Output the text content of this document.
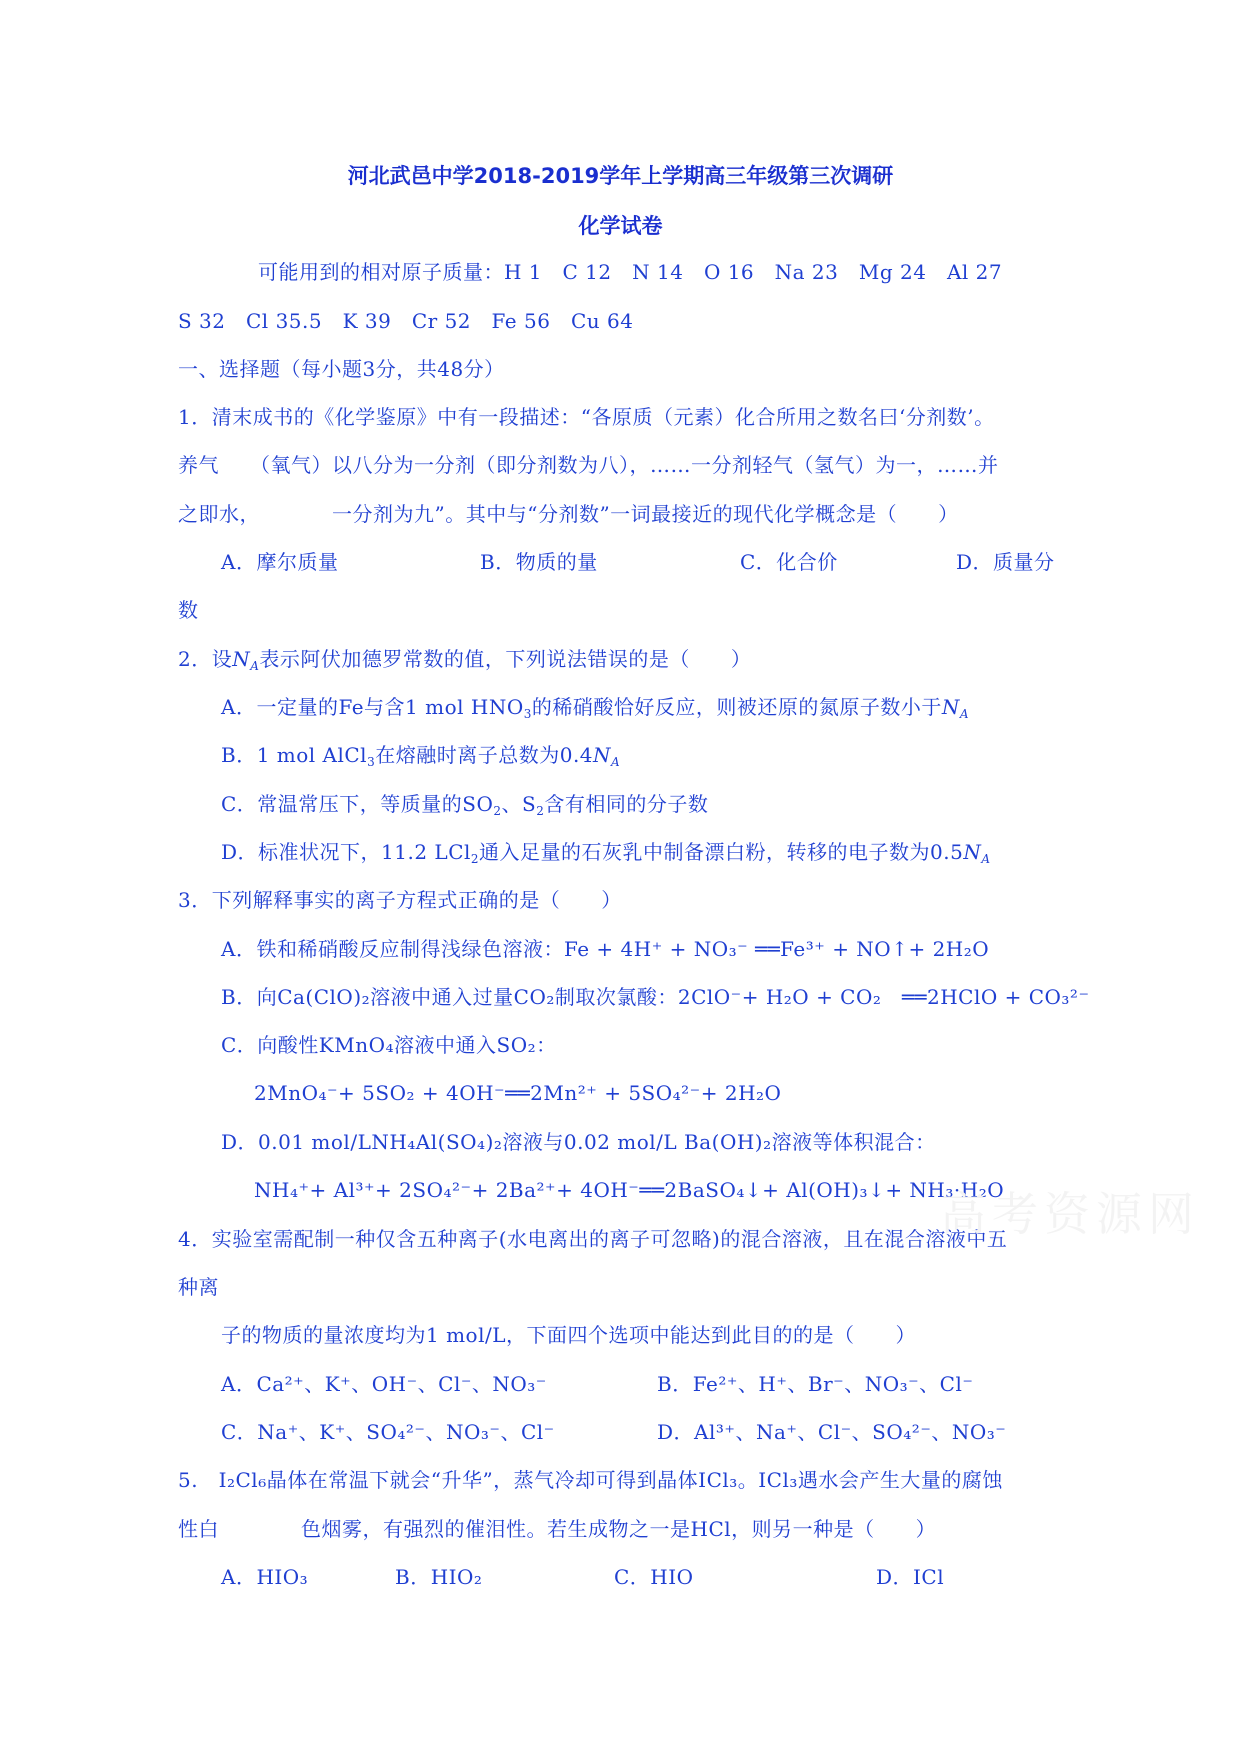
河北武邑中学2018-2019学年上学期高三年级第三次调研
化学试卷
可能用到的相对原子质量：H 1　C 12　N 14　O 16　Na 23　Mg 24　Al 27
S 32　Cl 35.5　K 39　Cr 52　Fe 56　Cu 64
一、选择题（每小题3分，共48分）
1．清末成书的《化学鉴原》中有一段描述：“各原质（元素）化合所用之数名曰‘分剂数’。
养气　　（氧气）以八分为一分剂（即分剂数为八），……一分剂轻气（氢气）为一，……并
之即水，　　　　一分剂为九”。其中与“分剂数”一词最接近的现代化学概念是（　　）
A．摩尔质量	B．物质的量	C．化合价	D．质量分
数
2．设$N_A$表示阿伏加德罗常数的值，下列说法错误的是（　　）
A．一定量的Fe与含1 mol $HNO_3$的稀硝酸恰好反应，则被还原的氮原子数小于$N_A$
B．1 mol AlCl$_3$在熔融时离子总数为$0.4N_A$
C．常温常压下，等质量的$SO_2$、$S_2$含有相同的分子数
D．标准状况下，11.2 LCl$_2$通入足量的石灰乳中制备漂白粉，转移的电子数为$0.5N_A$
3．下列解释事实的离子方程式正确的是（　　）
A．铁和稀硝酸反应制得浅绿色溶液：Fe + 4H⁺ + NO₃⁻ ══Fe³⁺ + NO↑+ 2H₂O
B．向Ca(ClO)₂溶液中通入过量CO₂制取次氯酸：2ClO⁻+ H₂O + CO₂　══2HClO + CO₃²⁻
C．向酸性KMnO₄溶液中通入SO₂：
2MnO₄⁻+ 5SO₂ + 4OH⁻══2Mn²⁺ + 5SO₄²⁻+ 2H₂O
D．0.01 mol/LNH₄Al(SO₄)₂溶液与0.02 mol/L Ba(OH)₂溶液等体积混合：
NH₄⁺+ Al³⁺+ 2SO₄²⁻+ 2Ba²⁺+ 4OH⁻══2BaSO₄↓+ Al(OH)₃↓+ NH₃·H₂O
4．实验室需配制一种仅含五种离子(水电离出的离子可忽略)的混合溶液，且在混合溶液中五
种离
子的物质的量浓度均为1 mol/L，下面四个选项中能达到此目的的是（　　）
A．Ca²⁺、K⁺、OH⁻、Cl⁻、NO₃⁻	B．Fe²⁺、H⁺、Br⁻、NO₃⁻、Cl⁻
C．Na⁺、K⁺、SO₄²⁻、NO₃⁻、Cl⁻	D．Al³⁺、Na⁺、Cl⁻、SO₄²⁻、NO₃⁻
5.　I₂Cl₆晶体在常温下就会“升华”，蒸气冷却可得到晶体ICl₃。ICl₃遇水会产生大量的腐蚀
性白　　　　色烟雾，有强烈的催泪性。若生成物之一是HCl，则另一种是（　　）
A．HIO₃	B．HIO₂	C．HIO	D．ICl
高考资源网
